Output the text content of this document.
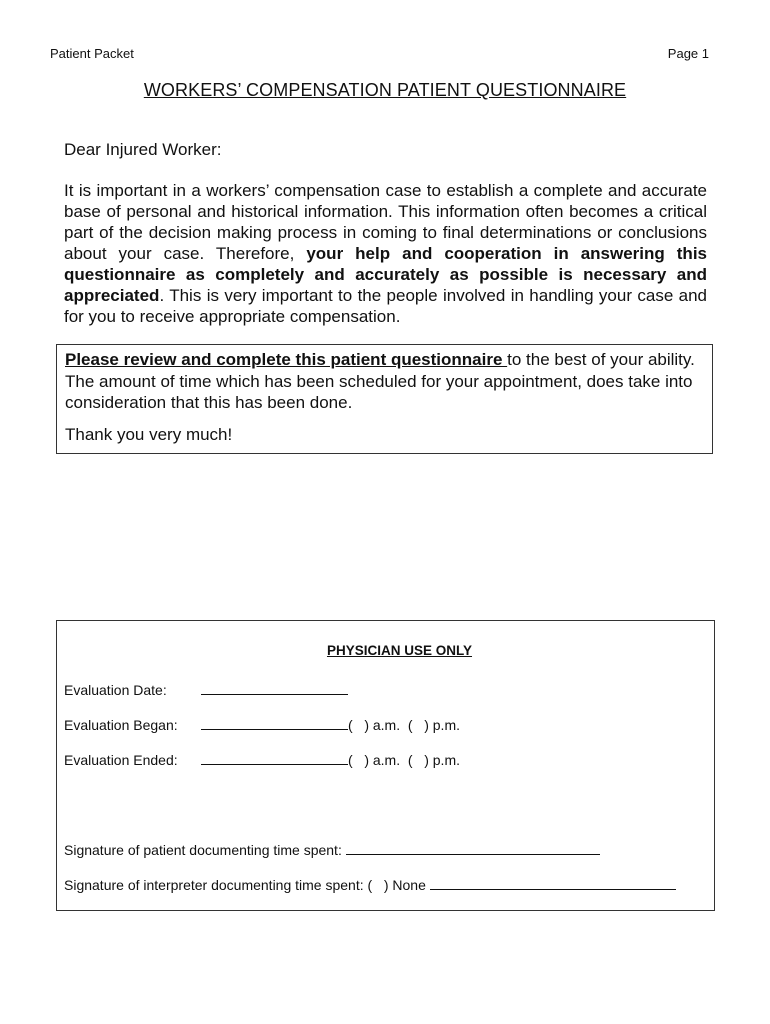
Patient Packet	Page 1
WORKERS’ COMPENSATION PATIENT QUESTIONNAIRE
Dear Injured Worker:
It is important in a workers’ compensation case to establish a complete and accurate base of personal and historical information. This information often becomes a critical part of the decision making process in coming to final determinations or conclusions about your case. Therefore, your help and cooperation in answering this questionnaire as completely and accurately as possible is necessary and appreciated. This is very important to the people involved in handling your case and for you to receive appropriate compensation.
Please review and complete this patient questionnaire to the best of your ability. The amount of time which has been scheduled for your appointment, does take into consideration that this has been done.
Thank you very much!
PHYSICIAN USE ONLY
Evaluation Date:
Evaluation Began:	(   ) a.m.  (   ) p.m.
Evaluation Ended:	(   ) a.m.  (   ) p.m.
Signature of patient documenting time spent:
Signature of interpreter documenting time spent: (   ) None
